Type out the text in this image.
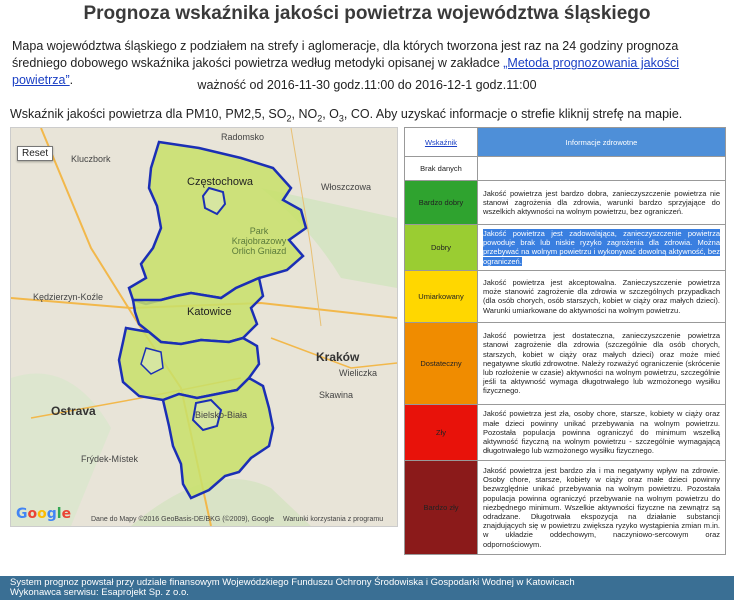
Prognoza wskaźnika jakości powietrza województwa śląskiego
Mapa województwa śląskiego z podziałem na strefy i aglomeracje, dla których tworzona jest raz na 24 godziny prognoza średniego dobowego wskaźnika jakości powietrza według metodyki opisanej w zakładce „Metoda prognozowania jakości powietrza”.	ważność od 2016-11-30 godz.11:00 do 2016-12-1 godz.11:00
Wskaźnik jakości powietrza dla PM10, PM2,5, $SO_2$, $NO_2$, $O_3$, CO. Aby uzyskać informacje o strefie kliknij strefę na mapie.
Reset
Radomsko
Kluczbork
Częstochowa	Włoszczowa
Park Krajobrazowy Orlich Gniazd
Kędzierzyn-Koźle
Katowice
Kraków
Wieliczka
Skawina
Ostrava
Frýdek-Místek
Bielsko-Biała
Google	Dane do Mapy ©2016 GeoBasis-DE/BKG (©2009), Google Warunki korzystania z programu
Wskaźnik	Informacje zdrowotne
Brak danych	
Bardzo dobry	Jakość powietrza jest bardzo dobra, zanieczyszczenie powietrza nie stanowi zagrożenia dla zdrowia, warunki bardzo sprzyjające do wszelkich aktywności na wolnym powietrzu, bez ograniczeń.
Dobry	Jakość powietrza jest zadowalająca, zanieczyszczenie powietrza powoduje brak lub niskie ryzyko zagrożenia dla zdrowia. Można przebywać na wolnym powietrzu i wykonywać dowolną aktywność, bez ograniczeń.
Umiarkowany	Jakość powietrza jest akceptowalna. Zanieczyszczenie powietrza może stanowić zagrożenie dla zdrowia w szczególnych przypadkach (dla osób chorych, osób starszych, kobiet w ciąży oraz małych dzieci). Warunki umiarkowane do aktywności na wolnym powietrzu.
Dostateczny	Jakość powietrza jest dostateczna, zanieczyszczenie powietrza stanowi zagrożenie dla zdrowia (szczególnie dla osób chorych, starszych, kobiet w ciąży oraz małych dzieci) oraz może mieć negatywne skutki zdrowotne. Należy rozważyć ograniczenie (skrócenie lub rozłożenie w czasie) aktywności na wolnym powietrzu, szczególnie jeśli ta aktywność wymaga długotrwałego lub wzmożonego wysiłku fizycznego.
Zły	Jakość powietrza jest zła, osoby chore, starsze, kobiety w ciąży oraz małe dzieci powinny unikać przebywania na wolnym powietrzu. Pozostała populacja powinna ograniczyć do minimum wszelką aktywność fizyczną na wolnym powietrzu - szczególnie wymagającą długotrwałego lub wzmożonego wysiłku fizycznego.
Bardzo zły	Jakość powietrza jest bardzo zła i ma negatywny wpływ na zdrowie. Osoby chore, starsze, kobiety w ciąży oraz małe dzieci powinny bezwzględnie unikać przebywania na wolnym powietrzu. Pozostała populacja powinna ograniczyć przebywanie na wolnym powietrzu do niezbędnego minimum. Wszelkie aktywności fizyczne na zewnątrz są odradzane. Długotrwała ekspozycja na działanie substancji znajdujących się w powietrzu zwiększa ryzyko wystąpienia zmian m.in. w układzie oddechowym, naczyniowo-sercowym oraz odpornościowym.
System prognoz powstał przy udziale finansowym Wojewódzkiego Funduszu Ochrony Środowiska i Gospodarki Wodnej w Katowicach
Wykonawca serwisu: Esaprojekt Sp. z o.o.
